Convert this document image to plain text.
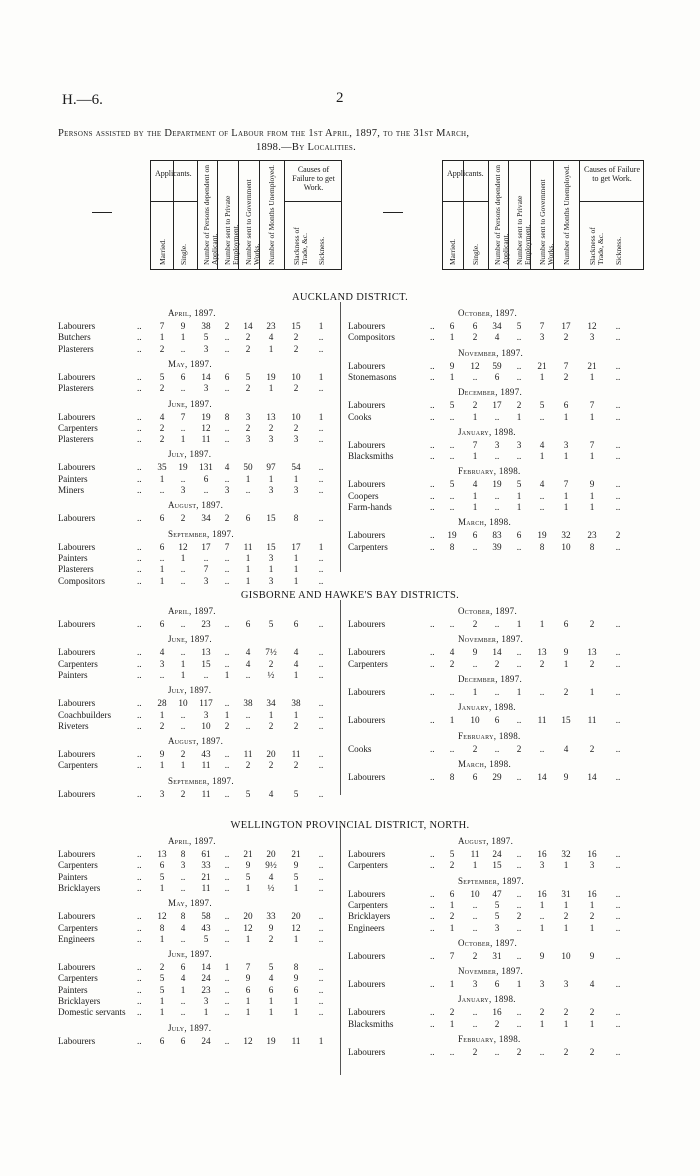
H.—6.	2
Persons assisted by the Department of Labour from the 1st April, 1897, to the 31st March,
1898.—By Localities.
Applicants.	Causes of Failure to get Work.
Married. Single. Number of Persons dependent on Applicant. Number sent to Private Employment. Number sent to Government Works. Number of Months Unemployed. Slackness of Trade, &c. Sickness.
Applicants.	Causes of Failure to get Work.
Married. Single. Number of Persons dependent on Applicant. Number sent to Private Employment. Number sent to Government Works. Number of Months Unemployed. Slackness of Trade, &c. Sickness.
AUCKLAND DISTRICT.
April, 1897.
Labourers	..	7	9	38	2	14	23	15	1
Butchers	..	1	1	5	..	2	4	2	..
Plasterers	..	2	..	3	..	2	1	2	..
May, 1897.
Labourers	..	5	6	14	6	5	19	10	1
Plasterers	..	2	..	3	..	2	1	2	..
June, 1897.
Labourers	..	4	7	19	8	3	13	10	1
Carpenters	..	2	..	12	..	2	2	2	..
Plasterers	..	2	1	11	..	3	3	3	..
July, 1897.
Labourers	..	35	19	131	4	50	97	54	..
Painters	..	1	..	6	..	1	1	1	..
Miners	..	..	3	..	3	..	3	3	..
August, 1897.
Labourers	..	6	2	34	2	6	15	8	..
September, 1897.
Labourers	..	6	12	17	7	11	15	17	1
Painters	..	..	1	..	..	1	3	1	..
Plasterers	..	1	..	7	..	1	1	1	..
Compositors	..	1	..	3	..	1	3	1	..
October, 1897.
Labourers	..	6	6	34	5	7	17	12	..
Compositors	..	1	2	4	..	3	2	3	..
November, 1897.
Labourers	..	9	12	59	..	21	7	21	..
Stonemasons	..	1	..	6	..	1	2	1	..
December, 1897.
Labourers	..	5	2	17	2	5	6	7	..
Cooks	..	..	1	..	1	..	1	1	..
January, 1898.
Labourers	..	..	7	3	3	4	3	7	..
Blacksmiths	..	..	1	..	..	1	1	1	..
February, 1898.
Labourers	..	5	4	19	5	4	7	9	..
Coopers	..	..	1	..	1	..	1	1	..
Farm-hands	..	..	1	..	1	..	1	1	..
March, 1898.
Labourers	..	19	6	83	6	19	32	23	2
Carpenters	..	8	..	39	..	8	10	8	..
GISBORNE AND HAWKE'S BAY DISTRICTS.
April, 1897.
Labourers	..	6	..	23	..	6	5	6	..
June, 1897.
Labourers	..	4	..	13	..	4	7½	4	..
Carpenters	..	3	1	15	..	4	2	4	..
Painters	..	..	1	..	1	..	½	1	..
July, 1897.
Labourers	..	28	10	117	..	38	34	38	..
Coachbuilders	..	1	..	3	1	..	1	1	..
Riveters	..	2	..	10	2	..	2	2	..
August, 1897.
Labourers	..	9	2	43	..	11	20	11	..
Carpenters	..	1	1	11	..	2	2	2	..
September, 1897.
Labourers	..	3	2	11	..	5	4	5	..
October, 1897.
Labourers	..	..	2	..	1	1	6	2	..
November, 1897.
Labourers	..	4	9	14	..	13	9	13	..
Carpenters	..	2	..	2	..	2	1	2	..
December, 1897.
Labourers	..	..	1	..	1	..	2	1	..
January, 1898.
Labourers	..	1	10	6	..	11	15	11	..
February, 1898.
Cooks	..	..	2	..	2	..	4	2	..
March, 1898.
Labourers	..	8	6	29	..	14	9	14	..
WELLINGTON PROVINCIAL DISTRICT, NORTH.
April, 1897.
Labourers	..	13	8	61	..	21	20	21	..
Carpenters	..	6	3	33	..	9	9½	9	..
Painters	..	5	..	21	..	5	4	5	..
Bricklayers	..	1	..	11	..	1	½	1	..
May, 1897.
Labourers	..	12	8	58	..	20	33	20	..
Carpenters	..	8	4	43	..	12	9	12	..
Engineers	..	1	..	5	..	1	2	1	..
June, 1897.
Labourers	..	2	6	14	1	7	5	8	..
Carpenters	..	5	4	24	..	9	4	9	..
Painters	..	5	1	23	..	6	6	6	..
Bricklayers	..	1	..	3	..	1	1	1	..
Domestic servants ..	1	..	1	..	1	1	1	..
July, 1897.
Labourers	..	6	6	24	..	12	19	11	1
August, 1897.
Labourers	..	5	11	24	..	16	32	16	..
Carpenters	..	2	1	15	..	3	1	3	..
September, 1897.
Labourers	..	6	10	47	..	16	31	16	..
Carpenters	..	1	..	5	..	1	1	1	..
Bricklayers	..	2	..	5	2	..	2	2	..
Engineers	..	1	..	3	..	1	1	1	..
October, 1897.
Labourers	..	7	2	31	..	9	10	9	..
November, 1897.
Labourers	..	1	3	6	1	3	3	4	..
January, 1898.
Labourers	..	2	..	16	..	2	2	2	..
Blacksmiths	..	1	..	2	..	1	1	1	..
February, 1898.
Labourers	..	..	2	..	2	..	2	2	..
